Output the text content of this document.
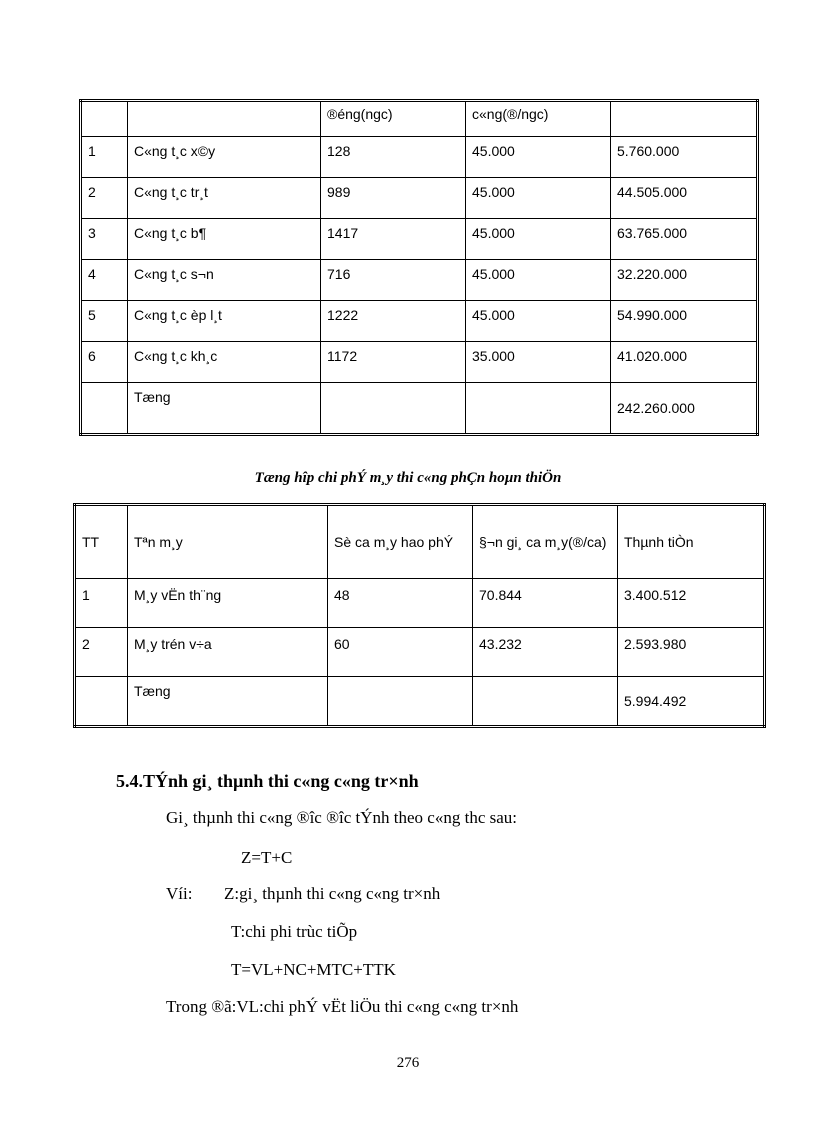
		®éng(ngc)	c«ng(®/ngc)	
1	C«ng t¸c x©y	128	45.000	5.760.000
2	C«ng t¸c tr¸t	989	45.000	44.505.000
3	C«ng t¸c b¶	1417	45.000	63.765.000
4	C«ng t¸c s¬n	716	45.000	32.220.000
5	C«ng t¸c èp l¸t	1222	45.000	54.990.000
6	C«ng t¸c kh¸c	1172	35.000	41.020.000
	Tæng			242.260.000
Tæng hîp chi phÝ m¸y thi c«ng phÇn hoµn thiÖn
TT	Tªn m¸y	Sè ca m¸y hao phÝ	§¬n gi¸ ca m¸y(®/ca)	Thµnh tiÒn
1	M¸y vËn th¨ng	48	70.844	3.400.512
2	M¸y trén v÷a	60	43.232	2.593.980
	Tæng			5.994.492
5.4.TÝnh gi¸ thµnh thi c«ng c«ng tr×nh
Gi¸ thµnh thi c«ng ®îc ®îc tÝnh theo c«ng thc sau:
Z=T+C
Víi: Z:gi¸ thµnh thi c«ng c«ng tr×nh
T:chi phi trùc tiÕp
T=VL+NC+MTC+TTK
Trong ®ã:VL:chi phÝ vËt liÖu thi c«ng c«ng tr×nh
276
